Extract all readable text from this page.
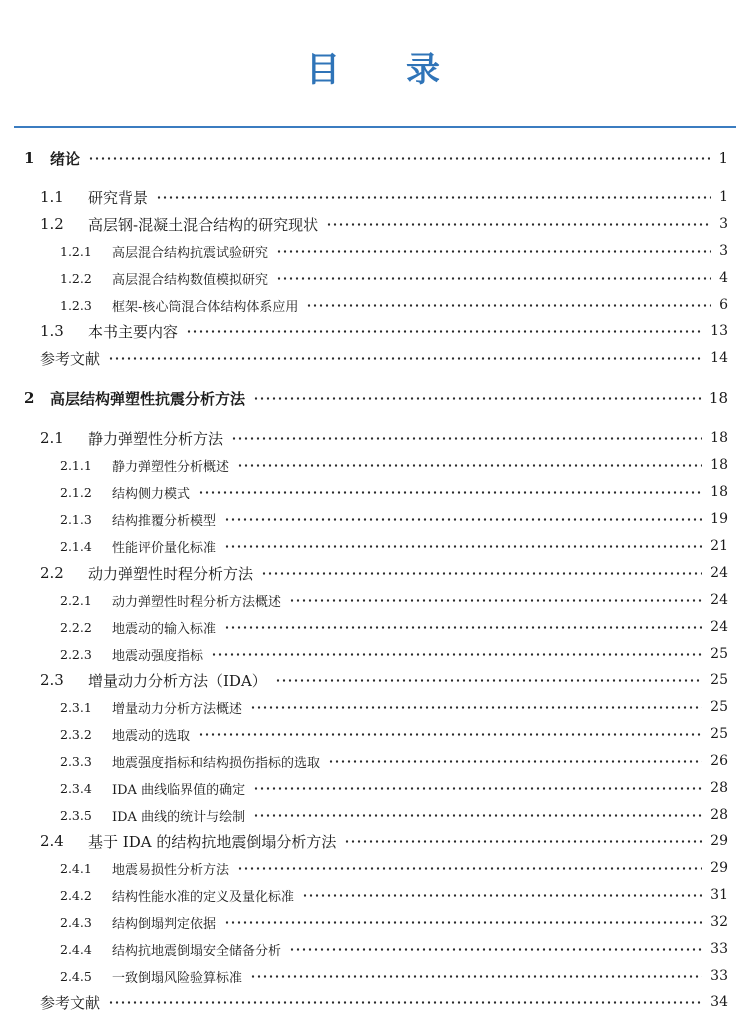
目 录
1	绪论	1
1.1	研究背景	1
1.2	高层钢-混凝土混合结构的研究现状	3
1.2.1	高层混合结构抗震试验研究	3
1.2.2	高层混合结构数值模拟研究	4
1.2.3	框架-核心筒混合体结构体系应用	6
1.3	本书主要内容	13
参考文献	14
2	高层结构弹塑性抗震分析方法	18
2.1	静力弹塑性分析方法	18
2.1.1	静力弹塑性分析概述	18
2.1.2	结构侧力模式	18
2.1.3	结构推覆分析模型	19
2.1.4	性能评价量化标准	21
2.2	动力弹塑性时程分析方法	24
2.2.1	动力弹塑性时程分析方法概述	24
2.2.2	地震动的输入标准	24
2.2.3	地震动强度指标	25
2.3	增量动力分析方法（IDA）	25
2.3.1	增量动力分析方法概述	25
2.3.2	地震动的选取	25
2.3.3	地震强度指标和结构损伤指标的选取	26
2.3.4	IDA 曲线临界值的确定	28
2.3.5	IDA 曲线的统计与绘制	28
2.4	基于 IDA 的结构抗地震倒塌分析方法	29
2.4.1	地震易损性分析方法	29
2.4.2	结构性能水准的定义及量化标准	31
2.4.3	结构倒塌判定依据	32
2.4.4	结构抗地震倒塌安全储备分析	33
2.4.5	一致倒塌风险验算标准	33
参考文献	34
